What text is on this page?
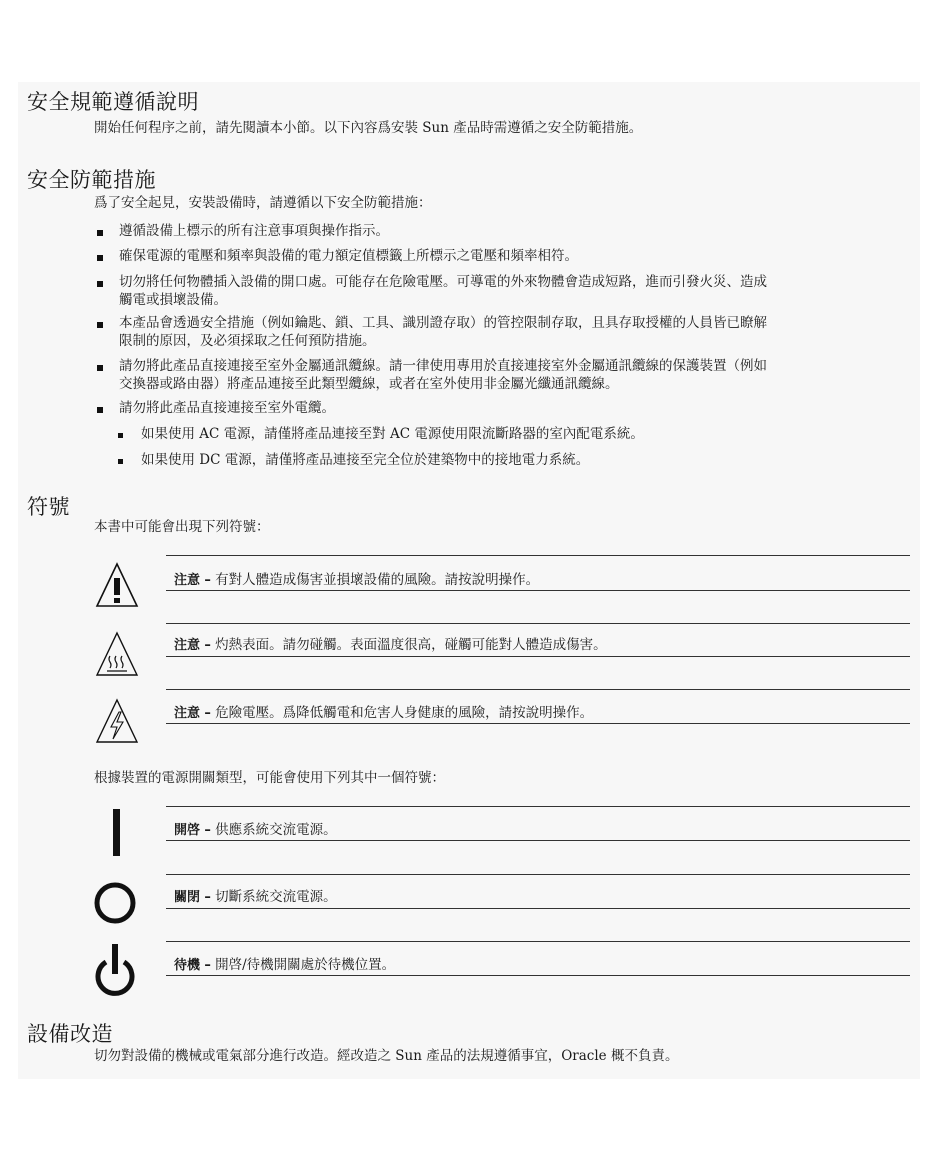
安全規範遵循說明
開始任何程序之前，請先閱讀本小節。以下內容爲安裝 Sun 產品時需遵循之安全防範措施。
安全防範措施
爲了安全起見，安裝設備時，請遵循以下安全防範措施：
遵循設備上標示的所有注意事項與操作指示。
確保電源的電壓和頻率與設備的電力額定值標籤上所標示之電壓和頻率相符。
切勿將任何物體插入設備的開口處。可能存在危險電壓。可導電的外來物體會造成短路，進而引發火災、造成
觸電或損壞設備。
本產品會透過安全措施（例如鑰匙、鎖、工具、識別證存取）的管控限制存取，且具存取授權的人員皆已瞭解
限制的原因，及必須採取之任何預防措施。
請勿將此產品直接連接至室外金屬通訊纜線。請一律使用專用於直接連接室外金屬通訊纜線的保護裝置（例如
交換器或路由器）將產品連接至此類型纜線，或者在室外使用非金屬光纖通訊纜線。
請勿將此產品直接連接至室外電纜。
如果使用 AC 電源，請僅將產品連接至對 AC 電源使用限流斷路器的室內配電系統。
如果使用 DC 電源，請僅將產品連接至完全位於建築物中的接地電力系統。
符號
本書中可能會出現下列符號：
注意 – 有對人體造成傷害並損壞設備的風險。請按說明操作。
注意 – 灼熱表面。請勿碰觸。表面溫度很高，碰觸可能對人體造成傷害。
注意 – 危險電壓。爲降低觸電和危害人身健康的風險，請按說明操作。
根據裝置的電源開關類型，可能會使用下列其中一個符號：
開啓 – 供應系統交流電源。
關閉 – 切斷系統交流電源。
待機 – 開啓/待機開關處於待機位置。
設備改造
切勿對設備的機械或電氣部分進行改造。經改造之 Sun 產品的法規遵循事宜，Oracle 概不負責。
